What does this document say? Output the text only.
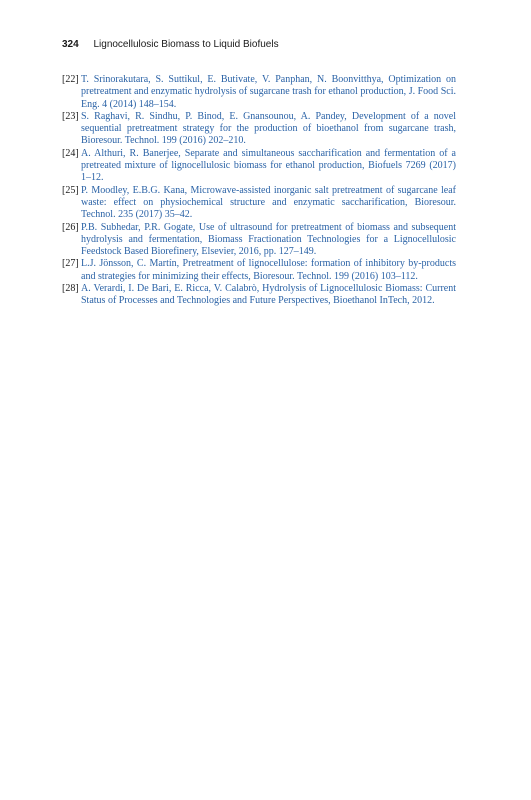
324 Lignocellulosic Biomass to Liquid Biofuels
[22] T. Srinorakutara, S. Suttikul, E. Butivate, V. Panphan, N. Boonvitthya, Optimization on pretreatment and enzymatic hydrolysis of sugarcane trash for ethanol production, J. Food Sci. Eng. 4 (2014) 148–154.
[23] S. Raghavi, R. Sindhu, P. Binod, E. Gnansounou, A. Pandey, Development of a novel sequential pretreatment strategy for the production of bioethanol from sugarcane trash, Bioresour. Technol. 199 (2016) 202–210.
[24] A. Althuri, R. Banerjee, Separate and simultaneous saccharification and fermentation of a pretreated mixture of lignocellulosic biomass for ethanol production, Biofuels 7269 (2017) 1–12.
[25] P. Moodley, E.B.G. Kana, Microwave-assisted inorganic salt pretreatment of sugarcane leaf waste: effect on physiochemical structure and enzymatic saccharification, Bioresour. Technol. 235 (2017) 35–42.
[26] P.B. Subhedar, P.R. Gogate, Use of ultrasound for pretreatment of biomass and subsequent hydrolysis and fermentation, Biomass Fractionation Technologies for a Lignocellulosic Feedstock Based Biorefinery, Elsevier, 2016, pp. 127–149.
[27] L.J. Jönsson, C. Martín, Pretreatment of lignocellulose: formation of inhibitory by-products and strategies for minimizing their effects, Bioresour. Technol. 199 (2016) 103–112.
[28] A. Verardi, I. De Bari, E. Ricca, V. Calabrò, Hydrolysis of Lignocellulosic Biomass: Current Status of Processes and Technologies and Future Perspectives, Bioethanol InTech, 2012.
